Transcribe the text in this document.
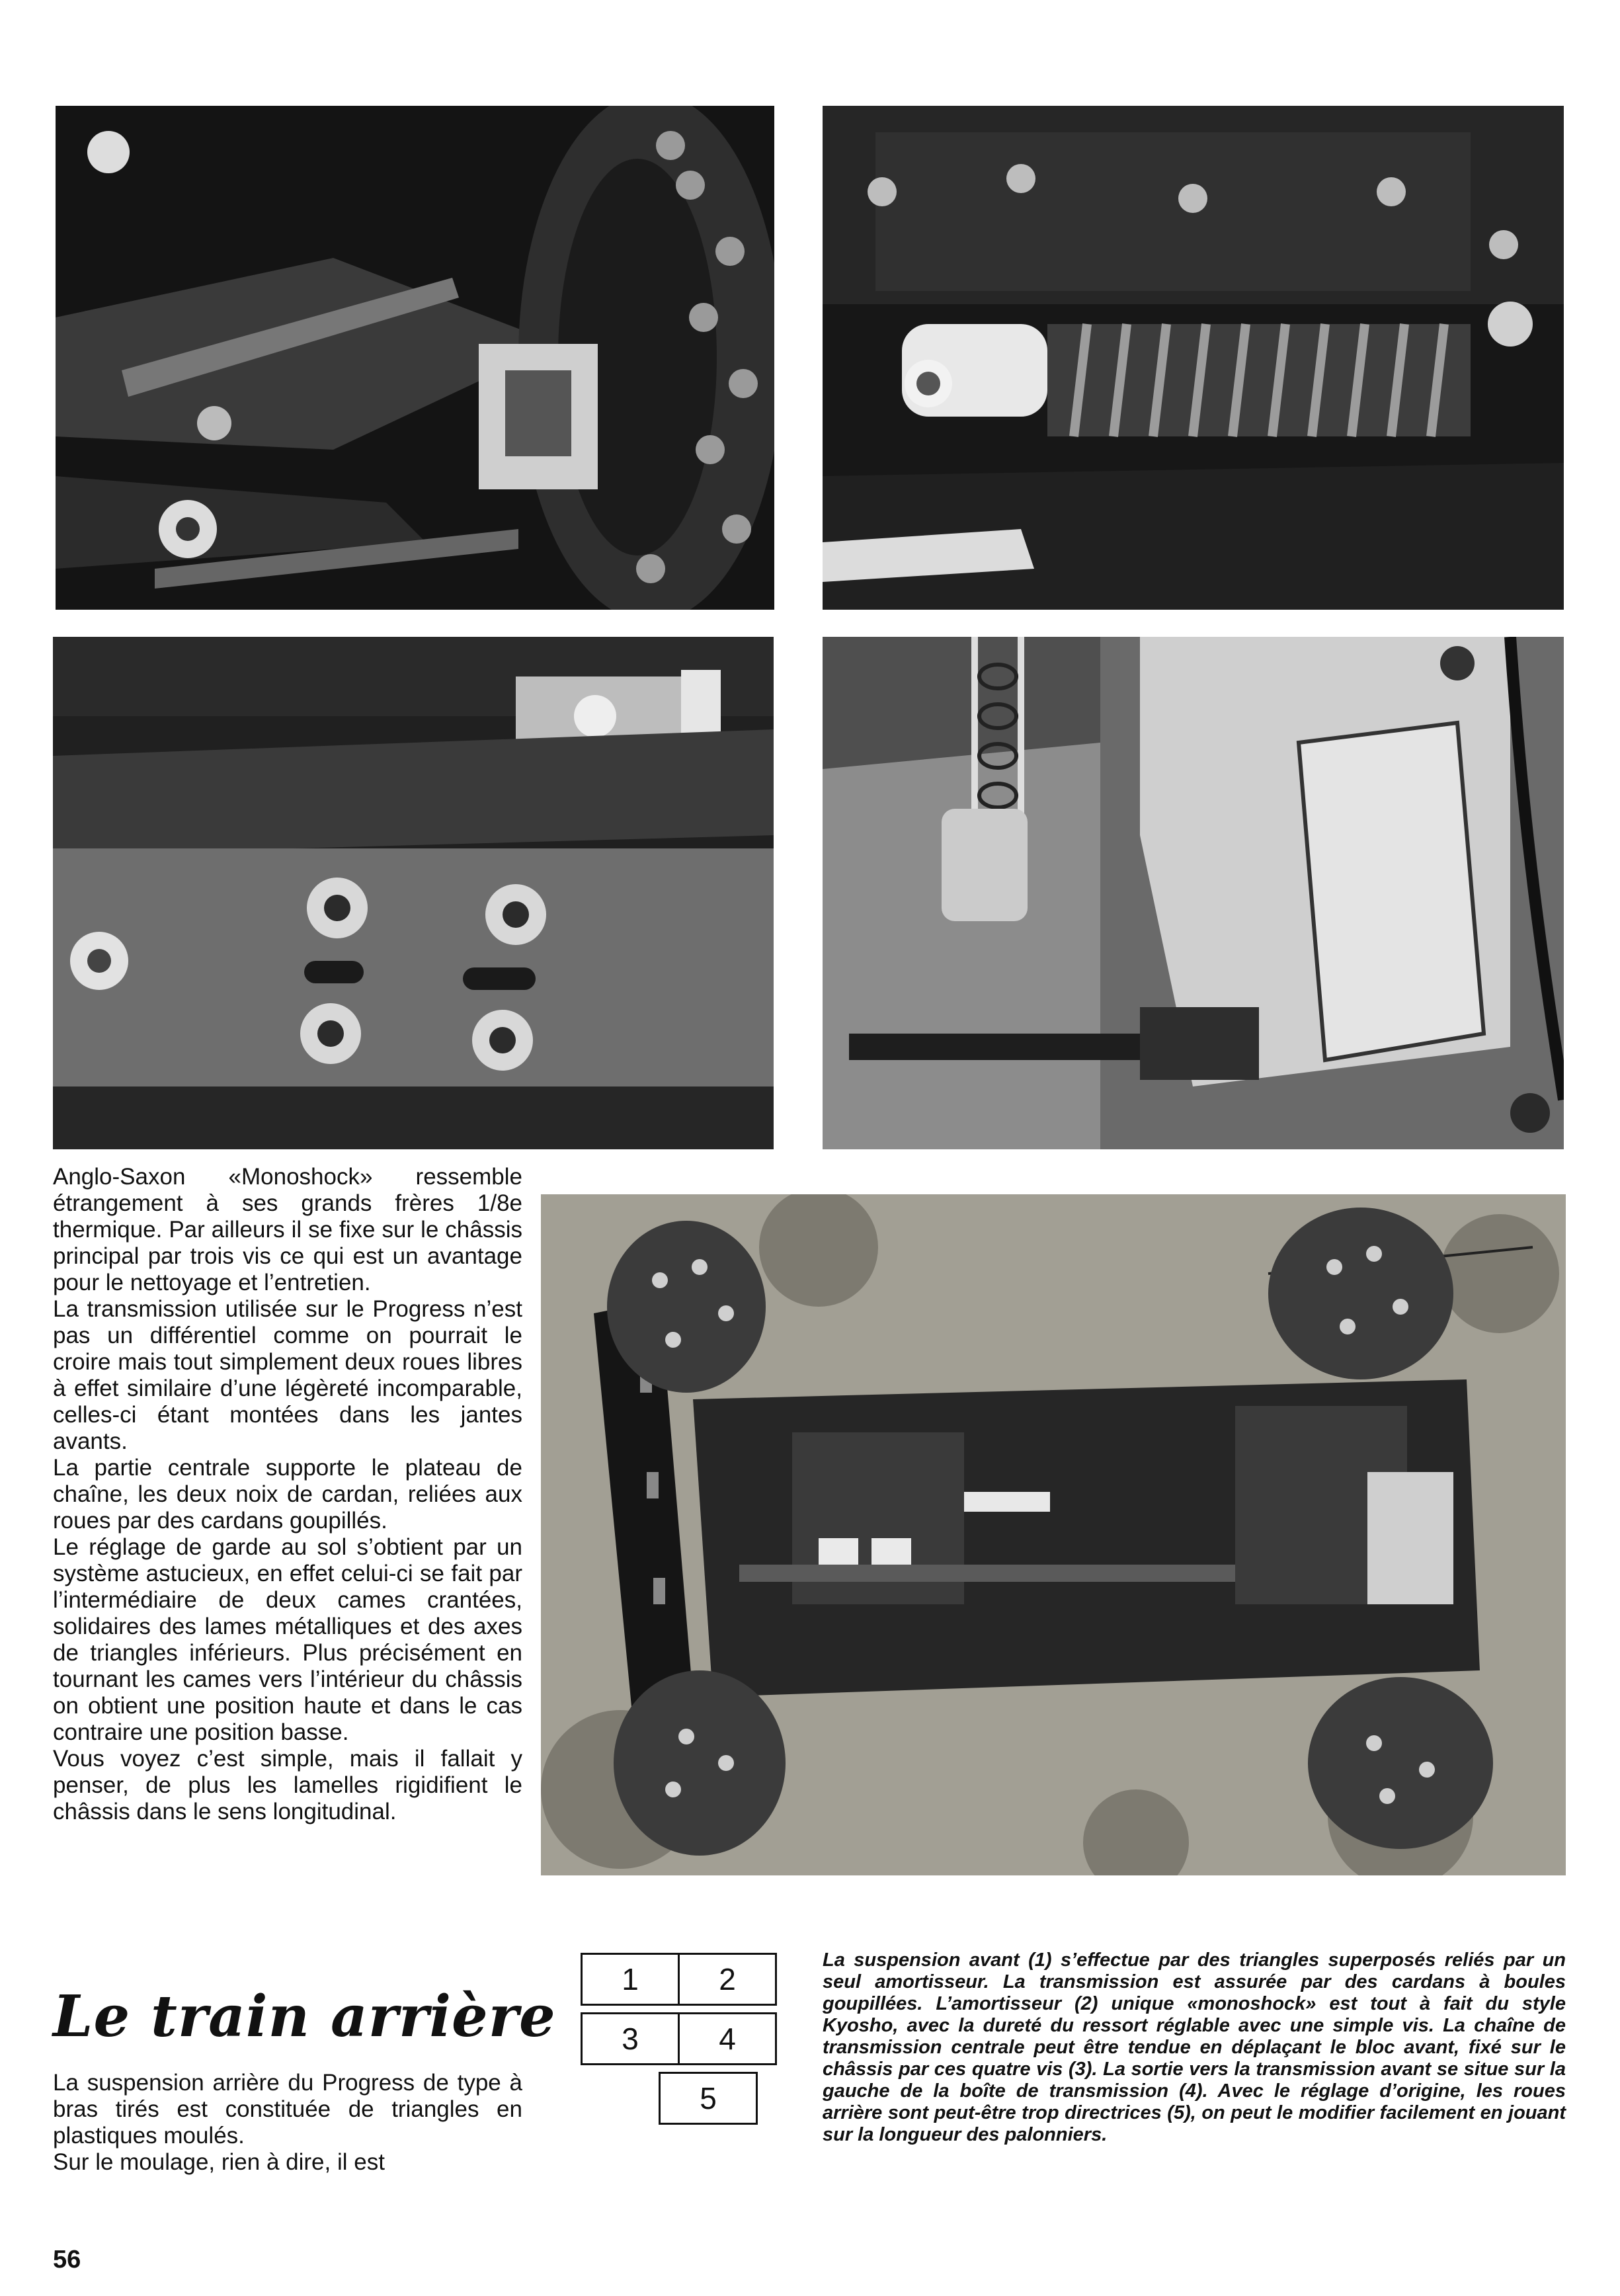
Anglo-Saxon «Monoshock» ressemble étrangement à ses grands frères 1/8e thermique. Par ailleurs il se fixe sur le châssis principal par trois vis ce qui est un avantage pour le nettoyage et l’entretien.

La transmission utilisée sur le Progress n’est pas un différentiel comme on pourrait le croire mais tout simplement deux roues libres à effet similaire d’une légèreté incomparable, celles-ci étant montées dans les jantes avants.

La partie centrale supporte le plateau de chaîne, les deux noix de cardan, reliées aux roues par des cardans goupillés.

Le réglage de garde au sol s’obtient par un système astucieux, en effet celui-ci se fait par l’intermédiaire de deux cames crantées, solidaires des lames métalliques et des axes de triangles inférieurs. Plus précisément en tournant les cames vers l’intérieur du châssis on obtient une position haute et dans le cas contraire une position basse.

Vous voyez c’est simple, mais il fallait y penser, de plus les lamelles rigidifient le châssis dans le sens longitudinal.

Le train arrière

La suspension arrière du Progress de type à bras tirés est constituée de triangles en plastiques moulés.

Sur le moulage, rien à dire, il est

1	2
3	4
5

La suspension avant (1) s’effectue par des triangles superposés reliés par un seul amortisseur. La transmission est assurée par des cardans à boules goupillées. L’amortisseur (2) unique «monoshock» est tout à fait du style Kyosho, avec la dureté du ressort réglable avec une simple vis. La chaîne de transmission centrale peut être tendue en déplaçant le bloc avant, fixé sur le châssis par ces quatre vis (3). La sortie vers la transmission avant se situe sur la gauche de la boîte de transmission (4). Avec le réglage d’origine, les roues arrière sont peut-être trop directrices (5), on peut le modifier facilement en jouant sur la longueur des palonniers.

56
